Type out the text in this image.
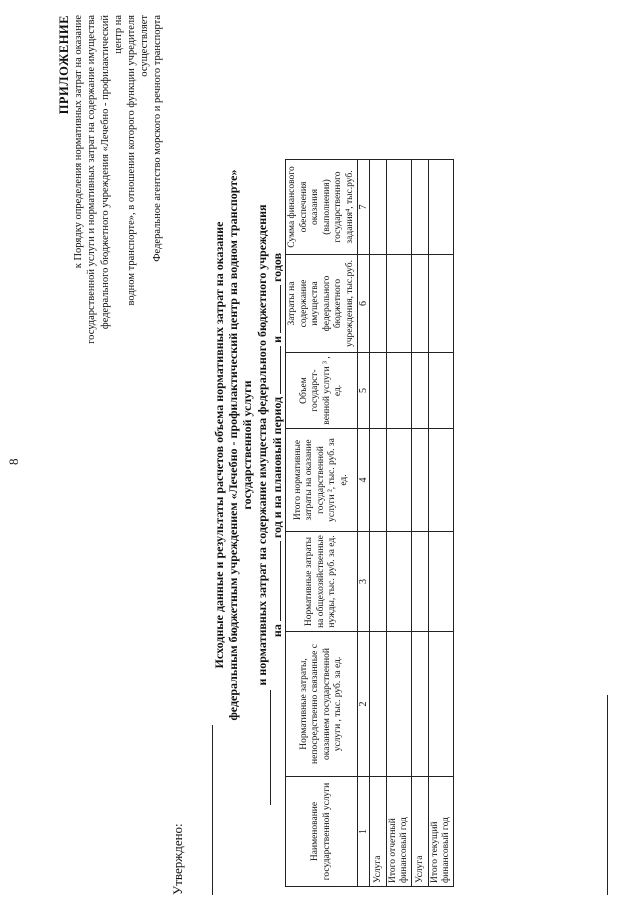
8
ПРИЛОЖЕНИЕ к Порядку определения нормативных затрат на оказание государственной услуги и нормативных затрат на содержание имущества федерального бюджетного учреждения «Лечебно - профилактический центр на водном транспорте», в отношении которого функции учредителя осуществляет Федеральное агентство морского и речного транспорта
Утверждено:
Исходные данные и результаты расчетов объема нормативных затрат на оказание федеральным бюджетным учреждением «Лечебно - профилактический центр на водном транспорте» государственной услуги и нормативных затрат на содержание имущества федерального бюджетного учреждения на  год и на плановый период  и  годов
Наименование государственной услуги	Нормативные затраты, непосредственно связанные с оказанием государственной услуги , тыс. руб. за ед.	Нормативные затраты на общехозяйственные нужды, тыс. руб. за ед.	Итого нормативные затраты на оказание государственной услуги ², тыс. руб. за ед.	Объем государст- венной услуги ³ , ед.	Затраты на содержание имущества федерального бюджетного учреждения, тыс.руб.	Сумма финансового обеспечения оказания (выполнения) государственного задания⁴, тыс.руб.
1	2	3	4	5	6	7
Услуга						
Итого отчетный финансовый год						
Услуга						
Итого текущий финансовый год						
